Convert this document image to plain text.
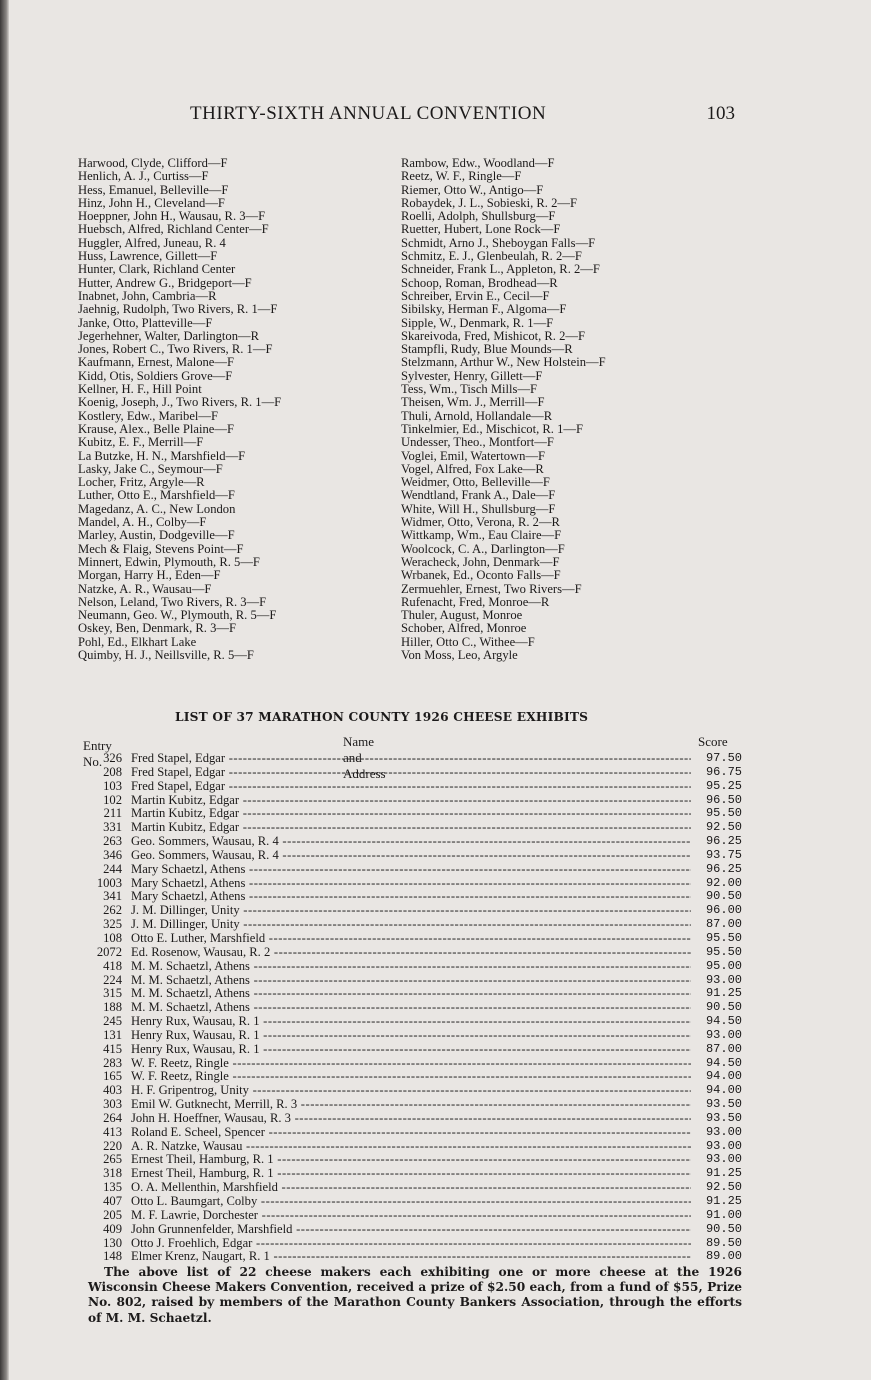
THIRTY-SIXTH ANNUAL CONVENTION	103
Harwood, Clyde, Clifford—F
Henlich, A. J., Curtiss—F
Hess, Emanuel, Belleville—F
Hinz, John H., Cleveland—F
Hoeppner, John H., Wausau, R. 3—F
Huebsch, Alfred, Richland Center—F
Huggler, Alfred, Juneau, R. 4
Huss, Lawrence, Gillett—F
Hunter, Clark, Richland Center
Hutter, Andrew G., Bridgeport—F
Inabnet, John, Cambria—R
Jaehnig, Rudolph, Two Rivers, R. 1—F
Janke, Otto, Platteville—F
Jegerhehner, Walter, Darlington—R
Jones, Robert C., Two Rivers, R. 1—F
Kaufmann, Ernest, Malone—F
Kidd, Otis, Soldiers Grove—F
Kellner, H. F., Hill Point
Koenig, Joseph, J., Two Rivers, R. 1—F
Kostlery, Edw., Maribel—F
Krause, Alex., Belle Plaine—F
Kubitz, E. F., Merrill—F
La Butzke, H. N., Marshfield—F
Lasky, Jake C., Seymour—F
Locher, Fritz, Argyle—R
Luther, Otto E., Marshfield—F
Magedanz, A. C., New London
Mandel, A. H., Colby—F
Marley, Austin, Dodgeville—F
Mech & Flaig, Stevens Point—F
Minnert, Edwin, Plymouth, R. 5—F
Morgan, Harry H., Eden—F
Natzke, A. R., Wausau—F
Nelson, Leland, Two Rivers, R. 3—F
Neumann, Geo. W., Plymouth, R. 5—F
Oskey, Ben, Denmark, R. 3—F
Pohl, Ed., Elkhart Lake
Quimby, H. J., Neillsville, R. 5—F
Rambow, Edw., Woodland—F
Reetz, W. F., Ringle—F
Riemer, Otto W., Antigo—F
Robaydek, J. L., Sobieski, R. 2—F
Roelli, Adolph, Shullsburg—F
Ruetter, Hubert, Lone Rock—F
Schmidt, Arno J., Sheboygan Falls—F
Schmitz, E. J., Glenbeulah, R. 2—F
Schneider, Frank L., Appleton, R. 2—F
Schoop, Roman, Brodhead—R
Schreiber, Ervin E., Cecil—F
Sibilsky, Herman F., Algoma—F
Sipple, W., Denmark, R. 1—F
Skareivoda, Fred, Mishicot, R. 2—F
Stampfli, Rudy, Blue Mounds—R
Stelzmann, Arthur W., New Holstein—F
Sylvester, Henry, Gillett—F
Tess, Wm., Tisch Mills—F
Theisen, Wm. J., Merrill—F
Thuli, Arnold, Hollandale—R
Tinkelmier, Ed., Mischicot, R. 1—F
Undesser, Theo., Montfort—F
Voglei, Emil, Watertown—F
Vogel, Alfred, Fox Lake—R
Weidmer, Otto, Belleville—F
Wendtland, Frank A., Dale—F
White, Will H., Shullsburg—F
Widmer, Otto, Verona, R. 2—R
Wittkamp, Wm., Eau Claire—F
Woolcock, C. A., Darlington—F
Weracheck, John, Denmark—F
Wrbanek, Ed., Oconto Falls—F
Zermuehler, Ernest, Two Rivers—F
Rufenacht, Fred, Monroe—R
Thuler, August, Monroe
Schober, Alfred, Monroe
Hiller, Otto C., Withee—F
Von Moss, Leo, Argyle
LIST OF 37 MARATHON COUNTY 1926 CHEESE EXHIBITS
Entry No.
Name and Address
Score
326 Fred Stapel, Edgar -----	97.50
208 Fred Stapel, Edgar -----	96.75
103 Fred Stapel, Edgar -----	95.25
102 Martin Kubitz, Edgar -----	96.50
211 Martin Kubitz, Edgar -----	95.50
331 Martin Kubitz, Edgar -----	92.50
263 Geo. Sommers, Wausau, R. 4 -----	96.25
346 Geo. Sommers, Wausau, R. 4 -----	93.75
244 Mary Schaetzl, Athens -----	96.25
1003 Mary Schaetzl, Athens -----	92.00
341 Mary Schaetzl, Athens -----	90.50
262 J. M. Dillinger, Unity -----	96.00
325 J. M. Dillinger, Unity -----	87.00
108 Otto E. Luther, Marshfield -----	95.50
2072 Ed. Rosenow, Wausau, R. 2 -----	95.50
418 M. M. Schaetzl, Athens -----	95.00
224 M. M. Schaetzl, Athens -----	93.00
315 M. M. Schaetzl, Athens -----	91.25
188 M. M. Schaetzl, Athens -----	90.50
245 Henry Rux, Wausau, R. 1 -----	94.50
131 Henry Rux, Wausau, R. 1 -----	93.00
415 Henry Rux, Wausau, R. 1 -----	87.00
283 W. F. Reetz, Ringle -----	94.50
165 W. F. Reetz, Ringle -----	94.00
403 H. F. Gripentrog, Unity -----	94.00
303 Emil W. Gutknecht, Merrill, R. 3 -----	93.50
264 John H. Hoeffner, Wausau, R. 3 -----	93.50
413 Roland E. Scheel, Spencer -----	93.00
220 A. R. Natzke, Wausau -----	93.00
265 Ernest Theil, Hamburg, R. 1 -----	93.00
318 Ernest Theil, Hamburg, R. 1 -----	91.25
135 O. A. Mellenthin, Marshfield -----	92.50
407 Otto L. Baumgart, Colby -----	91.25
205 M. F. Lawrie, Dorchester -----	91.00
409 John Grunnenfelder, Marshfield -----	90.50
130 Otto J. Froehlich, Edgar -----	89.50
148 Elmer Krenz, Naugart, R. 1 -----	89.00
The above list of 22 cheese makers each exhibiting one or more cheese at the 1926 Wisconsin Cheese Makers Convention, received a prize of $2.50 each, from a fund of $55, Prize No. 802, raised by members of the Marathon County Bankers Association, through the efforts of M. M. Schaetzl.
